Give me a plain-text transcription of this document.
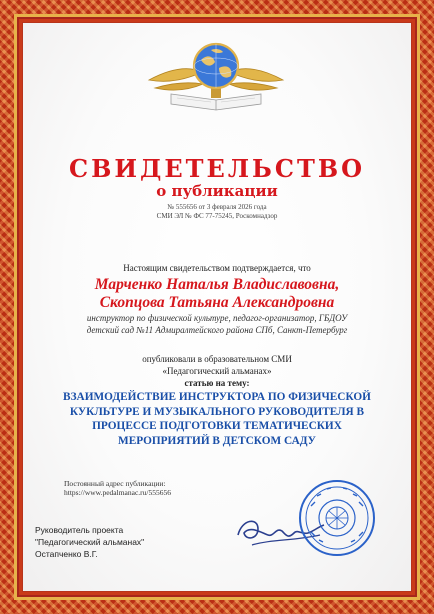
СВИДЕТЕЛЬСТВО
о публикации
№ 555656 от 3 февраля 2026 года
СМИ ЭЛ № ФС 77-75245, Роскомнадзор
Настоящим свидетельством подтверждается, что
Марченко Наталья Владиславовна,
Скопцова Татьяна Александровна
инструктор по физической культуре, педагог-организатор, ГБДОУ
детский сад №11 Адмиралтейского района СПб, Санкт-Петербург
опубликовали в образовательном СМИ
«Педагогический альманах»
статью на тему:
ВЗАИМОДЕЙСТВИЕ ИНСТРУКТОРА ПО ФИЗИЧЕСКОЙ КУКЛЬТУРЕ И МУЗЫКАЛЬНОГО РУКОВОДИТЕЛЯ В ПРОЦЕССЕ ПОДГОТОВКИ ТЕМАТИЧЕСКИХ МЕРОПРИЯТИЙ В ДЕТСКОМ САДУ
Постоянный адрес публикации:
https://www.pedalmanac.ru/555656
Руководитель проекта
"Педагогический альманах"
Остапченко В.Г.
